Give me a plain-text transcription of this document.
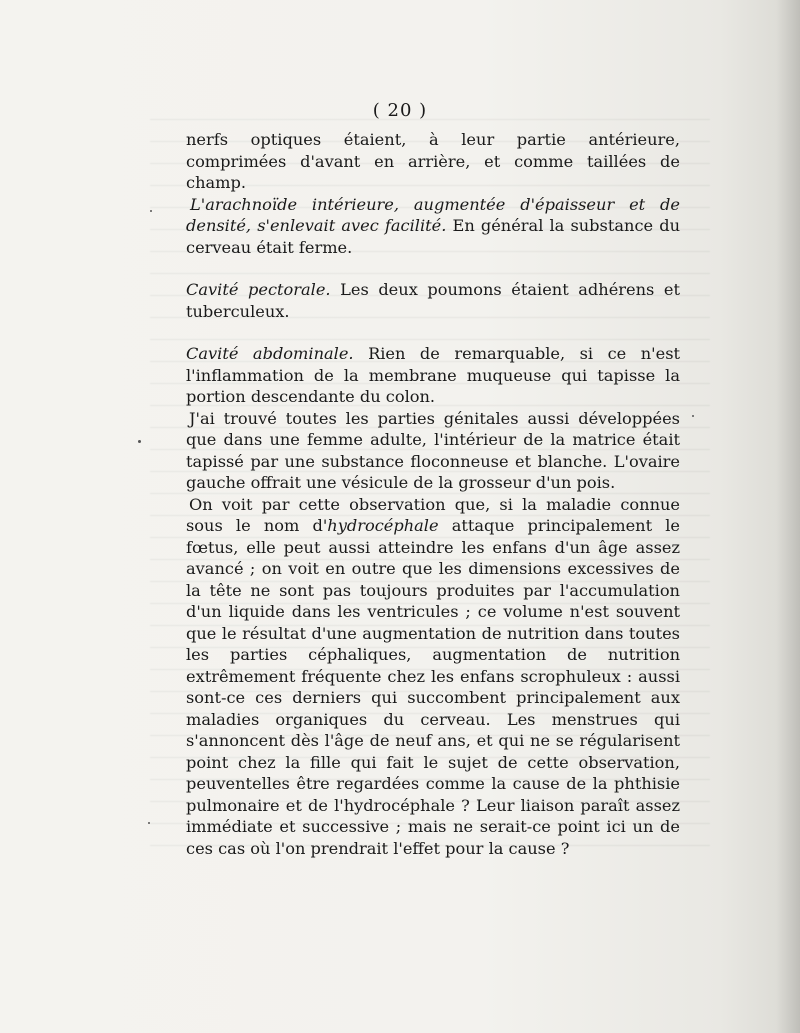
( 20 )

nerfs optiques étaient, à leur partie antérieure, comprimées d'avant en arrière, et comme taillées de champ.

L'arachnoïde intérieure, augmentée d'épaisseur et de densité, s'enlevait avec facilité. En général la substance du cerveau était ferme.

Cavité pectorale. Les deux poumons étaient adhérens et tuberculeux.

Cavité abdominale. Rien de remarquable, si ce n'est l'inflammation de la membrane muqueuse qui tapisse la portion descendante du colon.

J'ai trouvé toutes les parties génitales aussi développées que dans une femme adulte, l'intérieur de la matrice était tapissé par une substance floconneuse et blanche. L'ovaire gauche offrait une vésicule de la grosseur d'un pois.

On voit par cette observation que, si la maladie connue sous le nom d'hydrocéphale attaque principalement le fœtus, elle peut aussi atteindre les enfans d'un âge assez avancé ; on voit en outre que les dimensions excessives de la tête ne sont pas toujours produites par l'accumulation d'un liquide dans les ventricules ; ce volume n'est souvent que le résultat d'une augmentation de nutrition dans toutes les parties céphaliques, augmentation de nutrition extrêmement fréquente chez les enfans scrophuleux : aussi sont-ce ces derniers qui succombent principalement aux maladies organiques du cerveau. Les menstrues qui s'annoncent dès l'âge de neuf ans, et qui ne se régularisent point chez la fille qui fait le sujet de cette observation, peuventelles être regardées comme la cause de la phthisie pulmonaire et de l'hydrocéphale ? Leur liaison paraît assez immédiate et successive ; mais ne serait-ce point ici un de ces cas où l'on prendrait l'effet pour la cause ?
